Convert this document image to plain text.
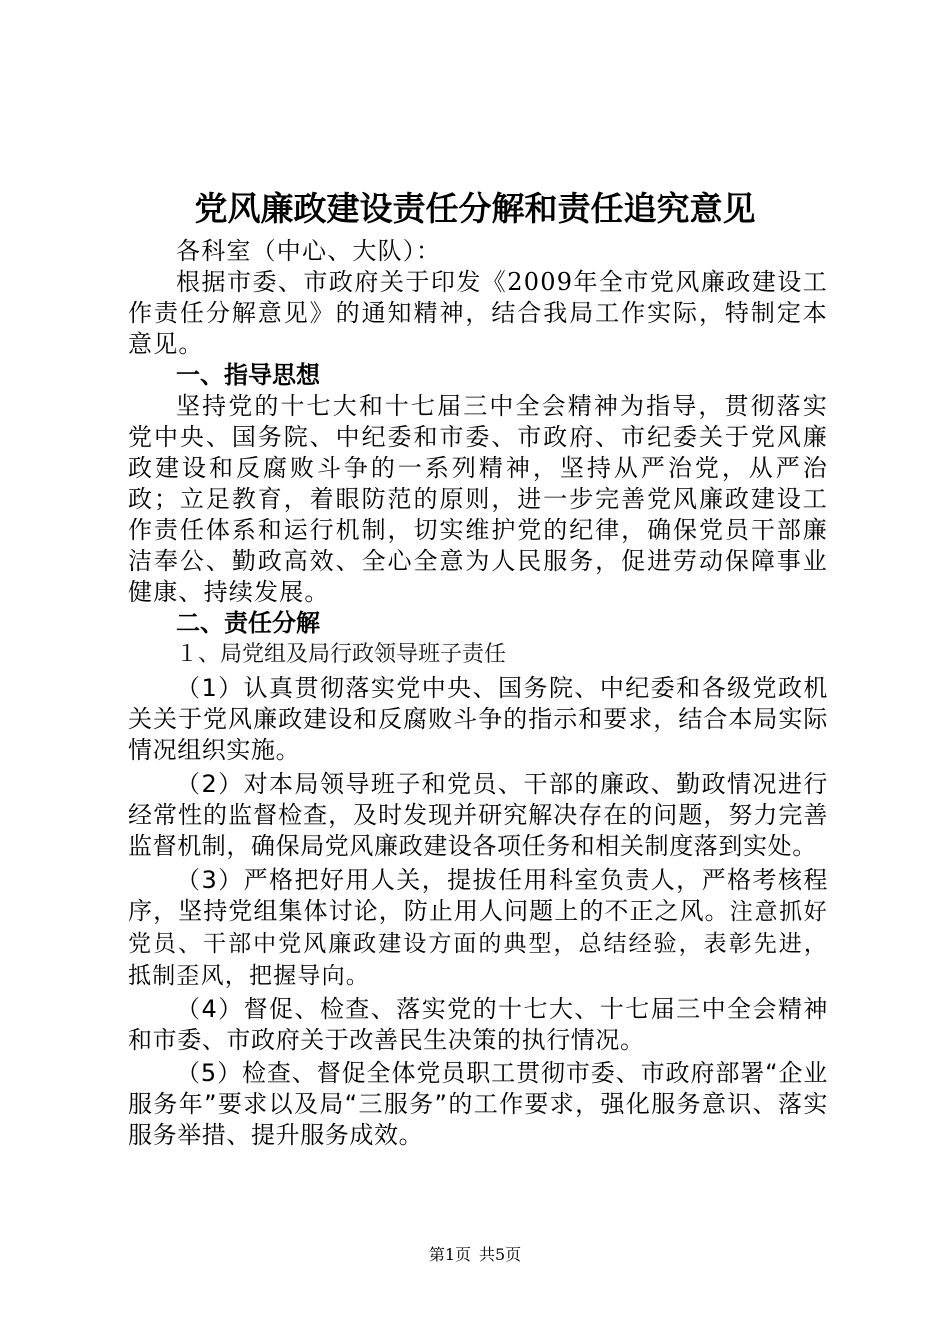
党风廉政建设责任分解和责任追究意见

各科室（中心、大队）：

根据市委、市政府关于印发《2009年全市党风廉政建设工作责任分解意见》的通知精神，结合我局工作实际，特制定本意见。

一、指导思想

坚持党的十七大和十七届三中全会精神为指导，贯彻落实党中央、国务院、中纪委和市委、市政府、市纪委关于党风廉政建设和反腐败斗争的一系列精神，坚持从严治党，从严治政；立足教育，着眼防范的原则，进一步完善党风廉政建设工作责任体系和运行机制，切实维护党的纪律，确保党员干部廉洁奉公、勤政高效、全心全意为人民服务，促进劳动保障事业健康、持续发展。

二、责任分解

１、局党组及局行政领导班子责任

（1）认真贯彻落实党中央、国务院、中纪委和各级党政机关关于党风廉政建设和反腐败斗争的指示和要求，结合本局实际情况组织实施。

（2）对本局领导班子和党员、干部的廉政、勤政情况进行经常性的监督检查，及时发现并研究解决存在的问题，努力完善监督机制，确保局党风廉政建设各项任务和相关制度落到实处。

（3）严格把好用人关，提拔任用科室负责人，严格考核程序，坚持党组集体讨论，防止用人问题上的不正之风。注意抓好党员、干部中党风廉政建设方面的典型，总结经验，表彰先进，抵制歪风，把握导向。

（4）督促、检查、落实党的十七大、十七届三中全会精神和市委、市政府关于改善民生决策的执行情况。

（5）检查、督促全体党员职工贯彻市委、市政府部署“企业服务年”要求以及局“三服务”的工作要求，强化服务意识、落实服务举措、提升服务成效。

第1页 共5页
